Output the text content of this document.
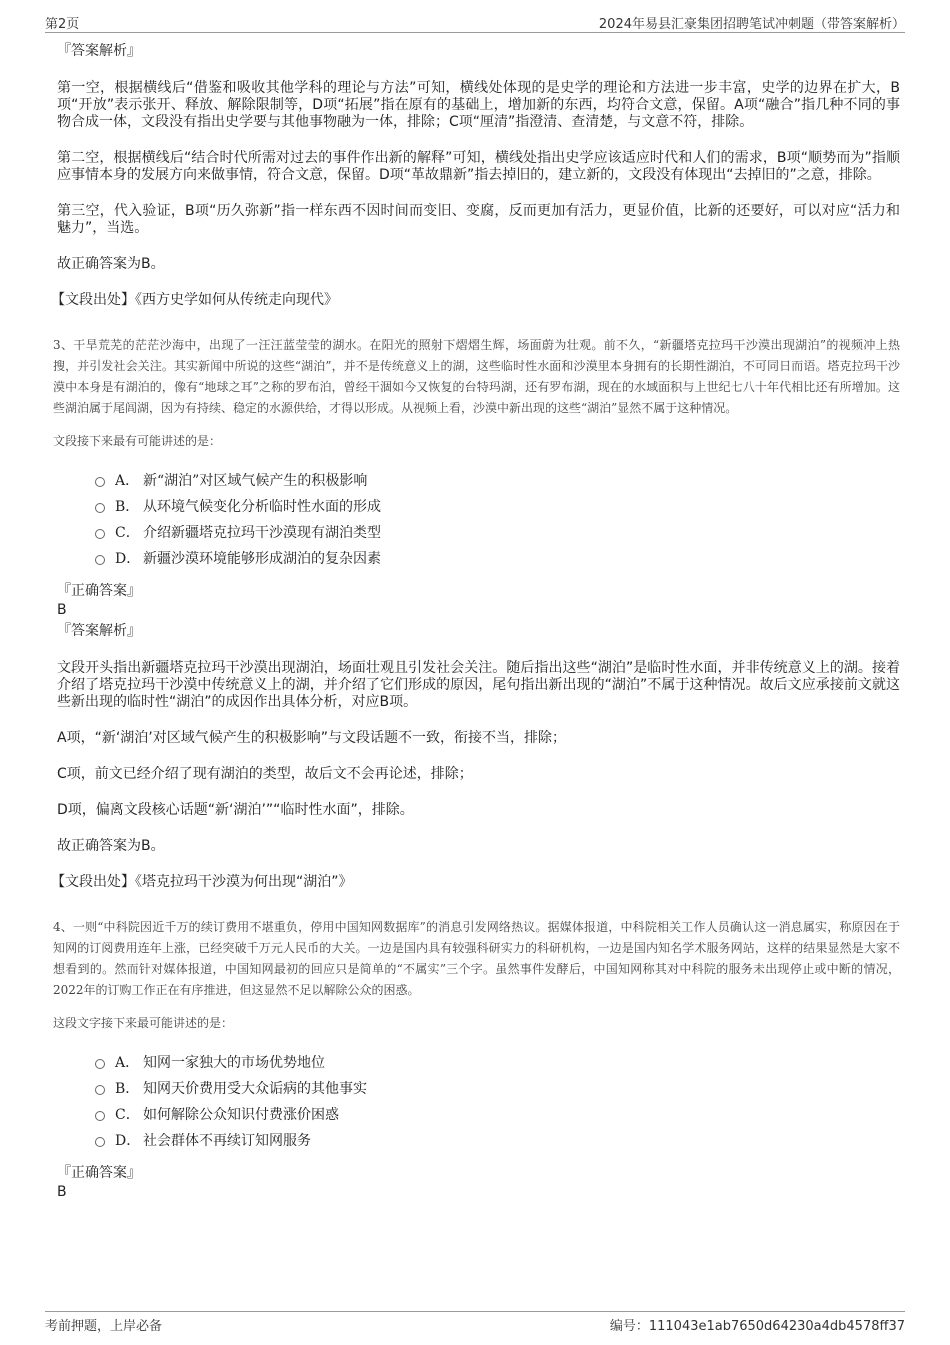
第2页	2024年易县汇豪集团招聘笔试冲刺题（带答案解析）
『答案解析』

第一空，根据横线后“借鉴和吸收其他学科的理论与方法”可知，横线处体现的是史学的理论和方法进一步丰富，史学的边界在扩大，B项“开放”表示张开、释放、解除限制等，D项“拓展”指在原有的基础上，增加新的东西，均符合文意，保留。A项“融合”指几种不同的事物合成一体，文段没有指出史学要与其他事物融为一体，排除；C项“厘清”指澄清、查清楚，与文意不符，排除。

第二空，根据横线后“结合时代所需对过去的事件作出新的解释”可知，横线处指出史学应该适应时代和人们的需求，B项“顺势而为”指顺应事情本身的发展方向来做事情，符合文意，保留。D项“革故鼎新”指去掉旧的，建立新的，文段没有体现出“去掉旧的”之意，排除。

第三空，代入验证，B项“历久弥新”指一样东西不因时间而变旧、变腐，反而更加有活力，更显价值，比新的还要好，可以对应“活力和魅力”，当选。

故正确答案为B。

【文段出处】《西方史学如何从传统走向现代》

3、干旱荒芜的茫茫沙海中，出现了一汪汪蓝莹莹的湖水。在阳光的照射下熠熠生辉，场面蔚为壮观。前不久，“新疆塔克拉玛干沙漠出现湖泊”的视频冲上热搜，并引发社会关注。其实新闻中所说的这些“湖泊”，并不是传统意义上的湖，这些临时性水面和沙漠里本身拥有的长期性湖泊，不可同日而语。塔克拉玛干沙漠中本身是有湖泊的，像有“地球之耳”之称的罗布泊，曾经干涸如今又恢复的台特玛湖，还有罗布湖，现在的水域面积与上世纪七八十年代相比还有所增加。这些湖泊属于尾闾湖，因为有持续、稳定的水源供给，才得以形成。从视频上看，沙漠中新出现的这些“湖泊”显然不属于这种情况。

文段接下来最有可能讲述的是：

A． 新“湖泊”对区域气候产生的积极影响
B． 从环境气候变化分析临时性水面的形成
C． 介绍新疆塔克拉玛干沙漠现有湖泊类型
D． 新疆沙漠环境能够形成湖泊的复杂因素
『正确答案』
B
『答案解析』

文段开头指出新疆塔克拉玛干沙漠出现湖泊，场面壮观且引发社会关注。随后指出这些“湖泊”是临时性水面，并非传统意义上的湖。接着介绍了塔克拉玛干沙漠中传统意义上的湖，并介绍了它们形成的原因，尾句指出新出现的“湖泊”不属于这种情况。故后文应承接前文就这些新出现的临时性“湖泊”的成因作出具体分析，对应B项。

A项，“新‘湖泊’对区域气候产生的积极影响”与文段话题不一致，衔接不当，排除；

C项，前文已经介绍了现有湖泊的类型，故后文不会再论述，排除；

D项，偏离文段核心话题“新‘湖泊’”“临时性水面”，排除。

故正确答案为B。

【文段出处】《塔克拉玛干沙漠为何出现“湖泊”》

4、一则“中科院因近千万的续订费用不堪重负，停用中国知网数据库”的消息引发网络热议。据媒体报道，中科院相关工作人员确认这一消息属实，称原因在于知网的订阅费用连年上涨，已经突破千万元人民币的大关。一边是国内具有较强科研实力的科研机构，一边是国内知名学术服务网站，这样的结果显然是大家不想看到的。然而针对媒体报道，中国知网最初的回应只是简单的“不属实”三个字。虽然事件发酵后，中国知网称其对中科院的服务未出现停止或中断的情况，2022年的订购工作正在有序推进，但这显然不足以解除公众的困惑。

这段文字接下来最可能讲述的是：

A． 知网一家独大的市场优势地位
B． 知网天价费用受大众诟病的其他事实
C． 如何解除公众知识付费涨价困惑
D． 社会群体不再续订知网服务
『正确答案』
B
考前押题，上岸必备	编号：111043e1ab7650d64230a4db4578ff37
